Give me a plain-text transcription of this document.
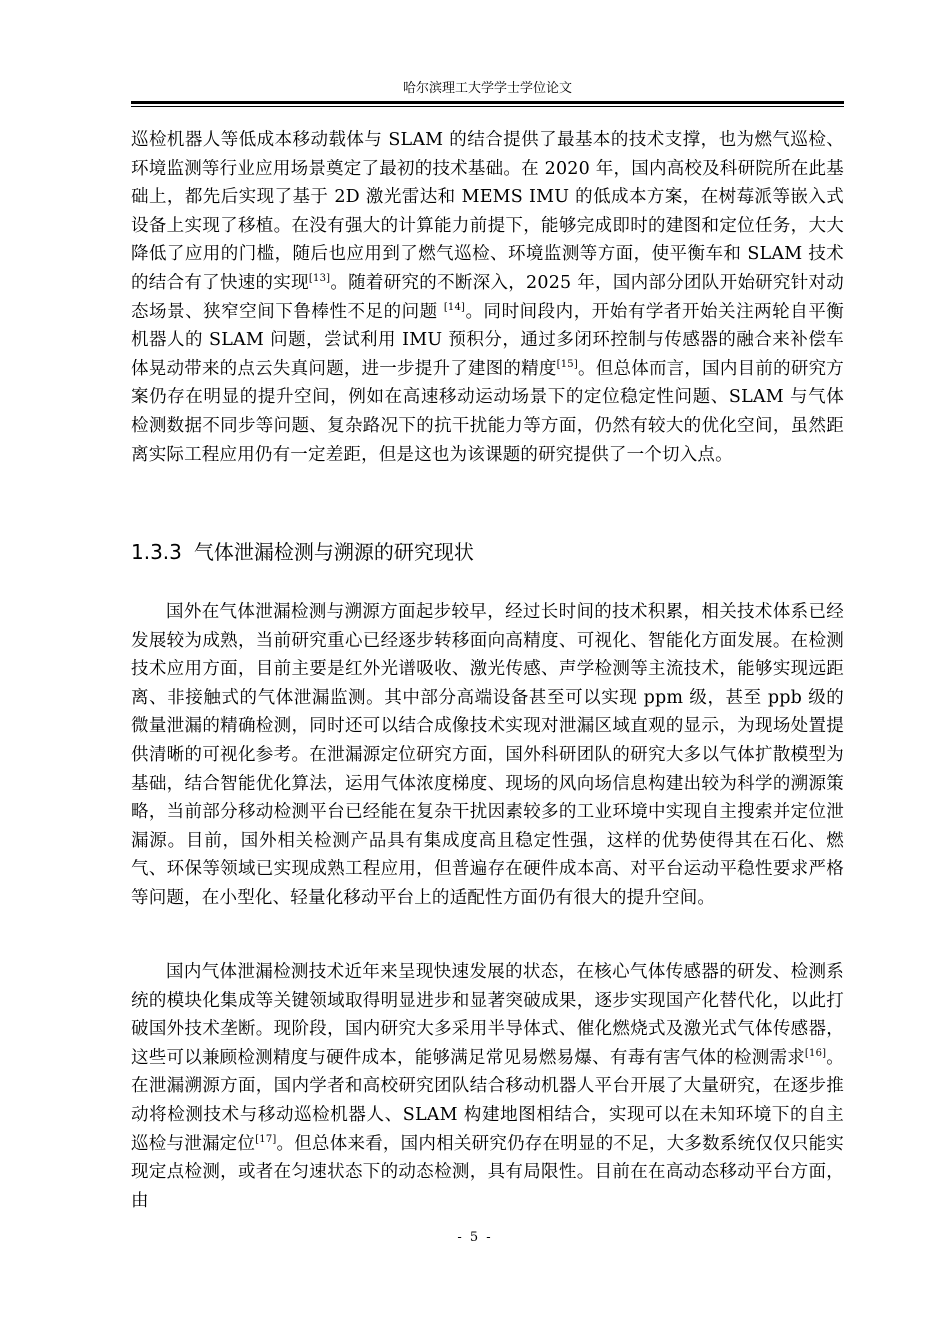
哈尔滨理工大学学士学位论文
巡检机器人等低成本移动载体与 SLAM 的结合提供了最基本的技术支撑，也为燃气巡检、环境监测等行业应用场景奠定了最初的技术基础。在 2020 年，国内高校及科研院所在此基础上，都先后实现了基于 2D 激光雷达和 MEMS IMU 的低成本方案，在树莓派等嵌入式设备上实现了移植。在没有强大的计算能力前提下，能够完成即时的建图和定位任务，大大降低了应用的门槛，随后也应用到了燃气巡检、环境监测等方面，使平衡车和 SLAM 技术的结合有了快速的实现[13]。随着研究的不断深入，2025 年，国内部分团队开始研究针对动态场景、狭窄空间下鲁棒性不足的问题 [14]。同时间段内，开始有学者开始关注两轮自平衡机器人的 SLAM 问题，尝试利用 IMU 预积分，通过多闭环控制与传感器的融合来补偿车体晃动带来的点云失真问题，进一步提升了建图的精度[15]。但总体而言，国内目前的研究方案仍存在明显的提升空间，例如在高速移动运动场景下的定位稳定性问题、SLAM 与气体检测数据不同步等问题、复杂路况下的抗干扰能力等方面，仍然有较大的优化空间，虽然距离实际工程应用仍有一定差距，但是这也为该课题的研究提供了一个切入点。
1.3.3 气体泄漏检测与溯源的研究现状
国外在气体泄漏检测与溯源方面起步较早，经过长时间的技术积累，相关技术体系已经发展较为成熟，当前研究重心已经逐步转移面向高精度、可视化、智能化方面发展。在检测技术应用方面，目前主要是红外光谱吸收、激光传感、声学检测等主流技术，能够实现远距离、非接触式的气体泄漏监测。其中部分高端设备甚至可以实现 ppm 级，甚至 ppb 级的微量泄漏的精确检测，同时还可以结合成像技术实现对泄漏区域直观的显示，为现场处置提供清晰的可视化参考。在泄漏源定位研究方面，国外科研团队的研究大多以气体扩散模型为基础，结合智能优化算法，运用气体浓度梯度、现场的风向场信息构建出较为科学的溯源策略，当前部分移动检测平台已经能在复杂干扰因素较多的工业环境中实现自主搜索并定位泄漏源。目前，国外相关检测产品具有集成度高且稳定性强，这样的优势使得其在石化、燃气、环保等领域已实现成熟工程应用，但普遍存在硬件成本高、对平台运动平稳性要求严格等问题，在小型化、轻量化移动平台上的适配性方面仍有很大的提升空间。
国内气体泄漏检测技术近年来呈现快速发展的状态，在核心气体传感器的研发、检测系统的模块化集成等关键领域取得明显进步和显著突破成果，逐步实现国产化替代化，以此打破国外技术垄断。现阶段，国内研究大多采用半导体式、催化燃烧式及激光式气体传感器，这些可以兼顾检测精度与硬件成本，能够满足常见易燃易爆、有毒有害气体的检测需求[16]。在泄漏溯源方面，国内学者和高校研究团队结合移动机器人平台开展了大量研究，在逐步推动将检测技术与移动巡检机器人、SLAM 构建地图相结合，实现可以在未知环境下的自主巡检与泄漏定位[17]。但总体来看，国内相关研究仍存在明显的不足，大多数系统仅仅只能实现定点检测，或者在匀速状态下的动态检测，具有局限性。目前在在高动态移动平台方面，由
- 5 -
